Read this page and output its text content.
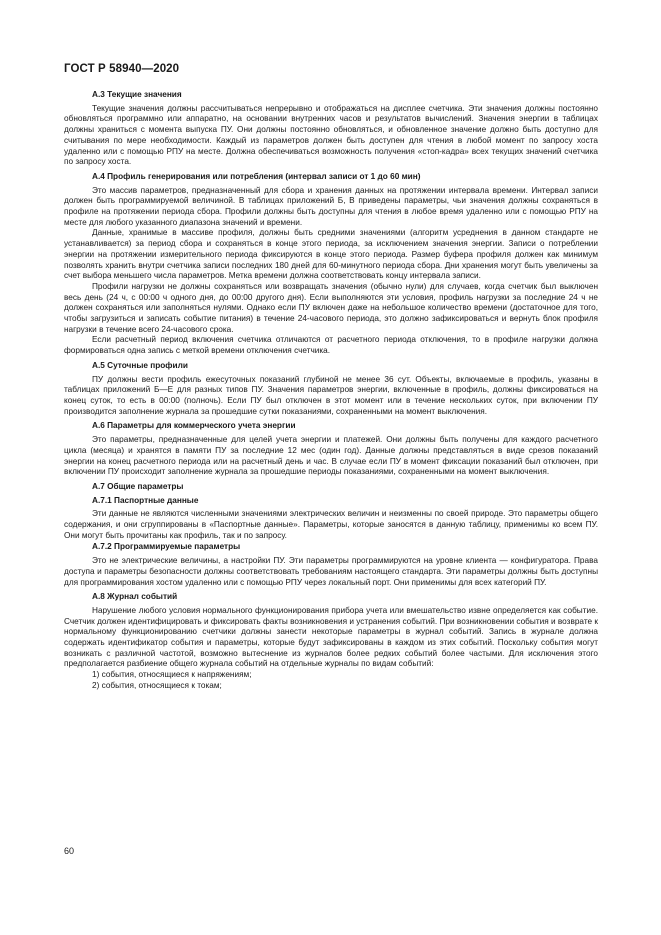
ГОСТ Р 58940—2020
A.3 Текущие значения

Текущие значения должны рассчитываться непрерывно и отображаться на дисплее счетчика. Эти значения должны постоянно обновляться программно или аппаратно, на основании внутренних часов и результатов вычислений. Значения энергии в таблицах должны храниться с момента выпуска ПУ. Они должны постоянно обновляться, и обновленное значение должно быть доступно для считывания по мере необходимости. Каждый из параметров должен быть доступен для чтения в любой момент по запросу хоста удаленно или с помощью РПУ на месте. Должна обеспечиваться возможность получения «стоп-кадра» всех текущих значений счетчика по запросу хоста.

A.4 Профиль генерирования или потребления (интервал записи от 1 до 60 мин)

Это массив параметров, предназначенный для сбора и хранения данных на протяжении интервала времени. Интервал записи должен быть программируемой величиной. В таблицах приложений Б, В приведены параметры, чьи значения должны сохраняться в профиле на протяжении периода сбора. Профили должны быть доступны для чтения в любое время удаленно или с помощью РПУ на месте для любого указанного диапазона значений и времени.

Данные, хранимые в массиве профиля, должны быть средними значениями (алгоритм усреднения в данном стандарте не устанавливается) за период сбора и сохраняться в конце этого периода, за исключением значения энергии. Записи о потреблении энергии на протяжении измерительного периода фиксируются в конце этого периода. Размер буфера профиля должен как минимум позволять хранить внутри счетчика записи последних 180 дней для 60-минутного периода сбора. Дни хранения могут быть увеличены за счет выбора меньшего числа параметров. Метка времени должна соответствовать концу интервала записи.

Профили нагрузки не должны сохраняться или возвращать значения (обычно нули) для случаев, когда счетчик был выключен весь день (24 ч, с 00:00 ч одного дня, до 00:00 другого дня). Если выполняются эти условия, профиль нагрузки за последние 24 ч не должен сохраняться или заполняться нулями. Однако если ПУ включен даже на небольшое количество времени (достаточное для того, чтобы загрузиться и записать событие питания) в течение 24-часового периода, это должно зафиксироваться и вернуть блок профиля нагрузки в течение всего 24-часового срока.

Если расчетный период включения счетчика отличаются от расчетного периода отключения, то в профиле нагрузки должна формироваться одна запись с меткой времени отключения счетчика.

A.5 Суточные профили

ПУ должны вести профиль ежесуточных показаний глубиной не менее 36 сут. Объекты, включаемые в профиль, указаны в таблицах приложений Б—Е для разных типов ПУ. Значения параметров энергии, включенные в профиль, должны фиксироваться на конец суток, то есть в 00:00 (полночь). Если ПУ был отключен в этот момент или в течение нескольких суток, при включении ПУ производится заполнение журнала за прошедшие сутки показаниями, сохраненными на момент выключения.

A.6 Параметры для коммерческого учета энергии

Это параметры, предназначенные для целей учета энергии и платежей. Они должны быть получены для каждого расчетного цикла (месяца) и хранятся в памяти ПУ за последние 12 мес (один год). Данные должны представляться в виде срезов показаний энергии на конец расчетного периода или на расчетный день и час. В случае если ПУ в момент фиксации показаний был отключен, при включении ПУ происходит заполнение журнала за прошедшие периоды показаниями, сохраненными на момент выключения.

A.7 Общие параметры
A.7.1 Паспортные данные

Эти данные не являются численными значениями электрических величин и неизменны по своей природе. Это параметры общего содержания, и они сгруппированы в «Паспортные данные». Параметры, которые заносятся в данную таблицу, применимы ко всем ПУ. Они могут быть прочитаны как профиль, так и по запросу.

A.7.2 Программируемые параметры

Это не электрические величины, а настройки ПУ. Эти параметры программируются на уровне клиента — конфигуратора. Права доступа и параметры безопасности должны соответствовать требованиям настоящего стандарта. Эти параметры должны быть доступны для программирования хостом удаленно или с помощью РПУ через локальный порт. Они применимы для всех категорий ПУ.

A.8 Журнал событий

Нарушение любого условия нормального функционирования прибора учета или вмешательство извне определяется как событие. Счетчик должен идентифицировать и фиксировать факты возникновения и устранения событий. При возникновении события и возврате к нормальному функционированию счетчики должны занести некоторые параметры в журнал событий. Запись в журнале должна содержать идентификатор события и параметры, которые будут зафиксированы в каждом из этих событий. Поскольку события могут возникать с различной частотой, возможно вытеснение из журналов более редких событий более частыми. Для исключения этого предполагается разбиение общего журнала событий на отдельные журналы по видам событий:

1) события, относящиеся к напряжениям;
2) события, относящиеся к токам;
60
